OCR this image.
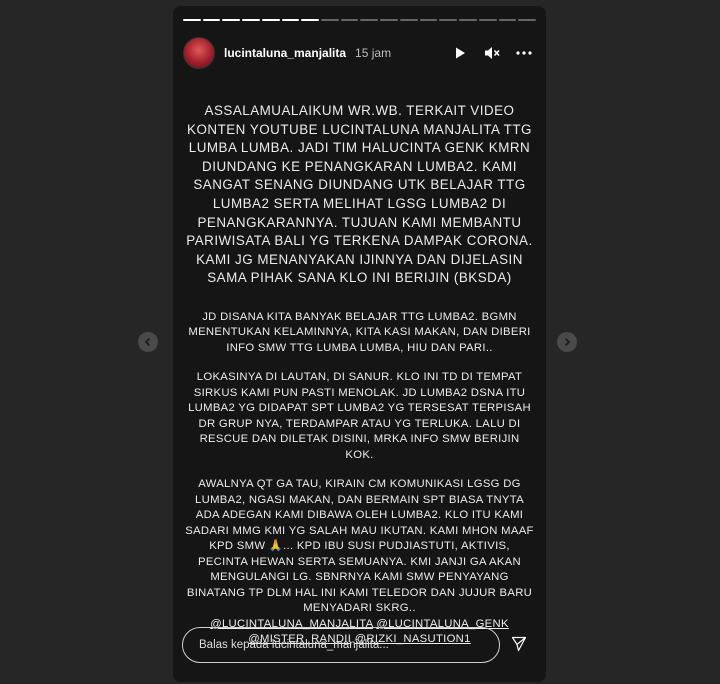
lucintaluna_manjalita 15 jam

ASSALAMUALAIKUM WR.WB. TERKAIT VIDEO KONTEN YOUTUBE LUCINTALUNA MANJALITA TTG LUMBA LUMBA. JADI TIM HALUCINTA GENK KMRN DIUNDANG KE PENANGKARAN LUMBA2. KAMI SANGAT SENANG DIUNDANG UTK BELAJAR TTG LUMBA2 SERTA MELIHAT LGSG LUMBA2 DI PENANGKARANNYA. TUJUAN KAMI MEMBANTU PARIWISATA BALI YG TERKENA DAMPAK CORONA. KAMI JG MENANYAKAN IJINNYA DAN DIJELASIN SAMA PIHAK SANA KLO INI BERIJIN (BKSDA)

JD DISANA KITA BANYAK BELAJAR TTG LUMBA2. BGMN MENENTUKAN KELAMINNYA, KITA KASI MAKAN, DAN DIBERI INFO SMW TTG LUMBA LUMBA, HIU DAN PARI..

LOKASINYA DI LAUTAN, DI SANUR. KLO INI TD DI TEMPAT SIRKUS KAMI PUN PASTI MENOLAK. JD LUMBA2 DSNA ITU LUMBA2 YG DIDAPAT SPT LUMBA2 YG TERSESAT TERPISAH DR GRUP NYA, TERDAMPAR ATAU YG TERLUKA. LALU DI RESCUE DAN DILETAK DISINI, MRKA INFO SMW BERIJIN KOK.

AWALNYA QT GA TAU, KIRAIN CM KOMUNIKASI LGSG DG LUMBA2, NGASI MAKAN, DAN BERMAIN SPT BIASA TNYTA ADA ADEGAN KAMI DIBAWA OLEH LUMBA2. KLO ITU KAMI SADARI MMG KMI YG SALAH MAU IKUTAN. KAMI MHON MAAF KPD SMW 🙏... KPD IBU SUSI PUDJIASTUTI, AKTIVIS, PECINTA HEWAN SERTA SEMUANYA. KMI JANJI GA AKAN MENGULANGI LG. SBNRNYA KAMI SMW PENYAYANG BINATANG TP DLM HAL INI KAMI TELEDOR DAN JUJUR BARU MENYADARI SKRG..

@LUCINTALUNA_MANJALITA @LUCINTALUNA_GENK
@MISTER_RANDII @RIZKI_NASUTION1
Balas kepada lucintaluna_manjalita...
